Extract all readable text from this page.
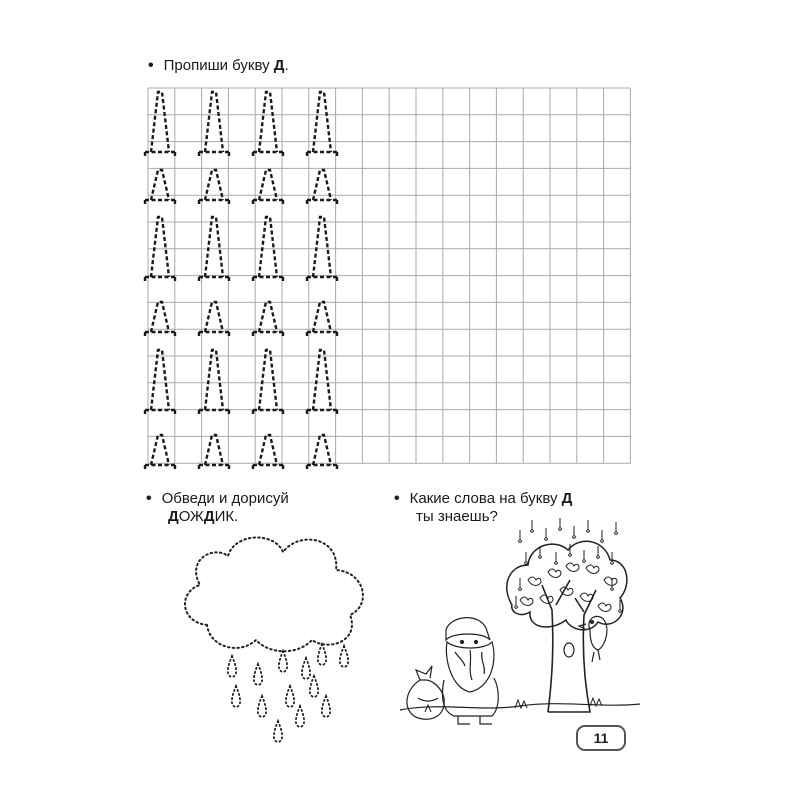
• Пропиши букву Д.
• Обведи и дорисуй
ДОЖДИК.
• Какие слова на букву Д
ты знаешь?
11
